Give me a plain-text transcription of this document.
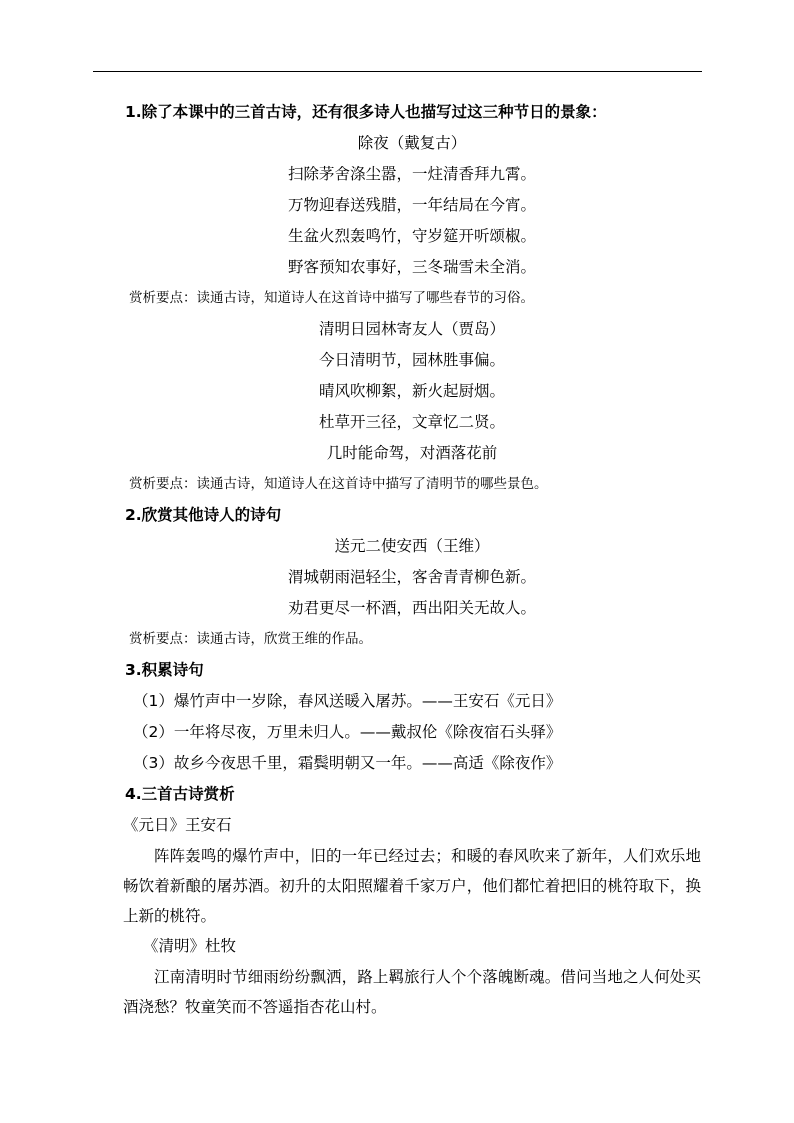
1.除了本课中的三首古诗，还有很多诗人也描写过这三种节日的景象：
除夜（戴复古）
扫除茅舍涤尘嚣，一炷清香拜九霄。
万物迎春送残腊，一年结局在今宵。
生盆火烈轰鸣竹，守岁筵开听颂椒。
野客预知农事好，三冬瑞雪未全消。
赏析要点：读通古诗，知道诗人在这首诗中描写了哪些春节的习俗。
清明日园林寄友人（贾岛）
今日清明节，园林胜事偏。
晴风吹柳絮，新火起厨烟。
杜草开三径，文章忆二贤。
几时能命驾，对酒落花前
赏析要点：读通古诗，知道诗人在这首诗中描写了清明节的哪些景色。
2.欣赏其他诗人的诗句
送元二使安西（王维）
渭城朝雨浥轻尘，客舍青青柳色新。
劝君更尽一杯酒，西出阳关无故人。
赏析要点：读通古诗，欣赏王维的作品。
3.积累诗句
（1）爆竹声中一岁除，春风送暖入屠苏。——王安石《元日》
（2）一年将尽夜，万里未归人。——戴叔伦《除夜宿石头驿》
（3）故乡今夜思千里，霜鬓明朝又一年。——高适《除夜作》
4.三首古诗赏析
《元日》王安石
阵阵轰鸣的爆竹声中，旧的一年已经过去；和暖的春风吹来了新年，人们欢乐地畅饮着新酿的屠苏酒。初升的太阳照耀着千家万户，他们都忙着把旧的桃符取下，换上新的桃符。
《清明》杜牧
江南清明时节细雨纷纷飘洒，路上羁旅行人个个落魄断魂。借问当地之人何处买酒浇愁？牧童笑而不答遥指杏花山村。
